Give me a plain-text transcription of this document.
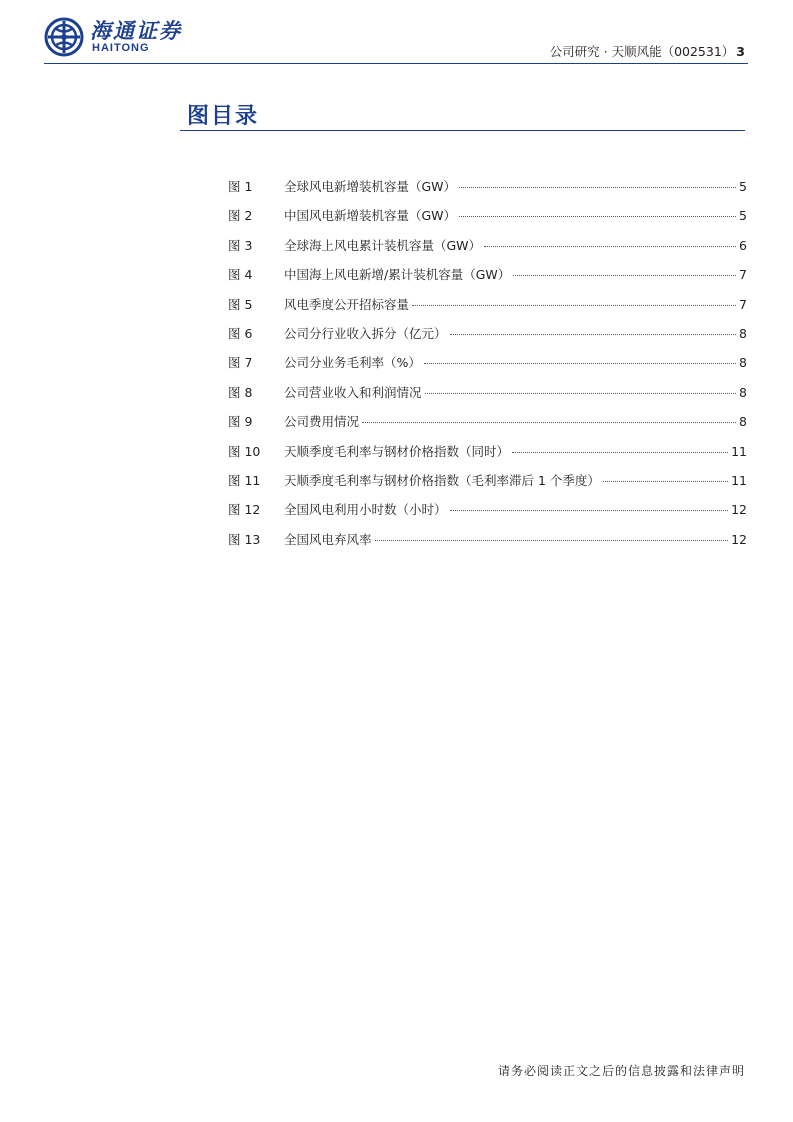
海通证券
HAITONG	公司研究 · 天顺风能（002531） 3
图目录
图 1	全球风电新增装机容量（GW）	5
图 2	中国风电新增装机容量（GW）	5
图 3	全球海上风电累计装机容量（GW）	6
图 4	中国海上风电新增/累计装机容量（GW）	7
图 5	风电季度公开招标容量	7
图 6	公司分行业收入拆分（亿元）	8
图 7	公司分业务毛利率（%）	8
图 8	公司营业收入和利润情况	8
图 9	公司费用情况	8
图 10	天顺季度毛利率与钢材价格指数（同时）	11
图 11	天顺季度毛利率与钢材价格指数（毛利率滞后 1 个季度）	11
图 12	全国风电利用小时数（小时）	12
图 13	全国风电弃风率	12
请务必阅读正文之后的信息披露和法律声明
